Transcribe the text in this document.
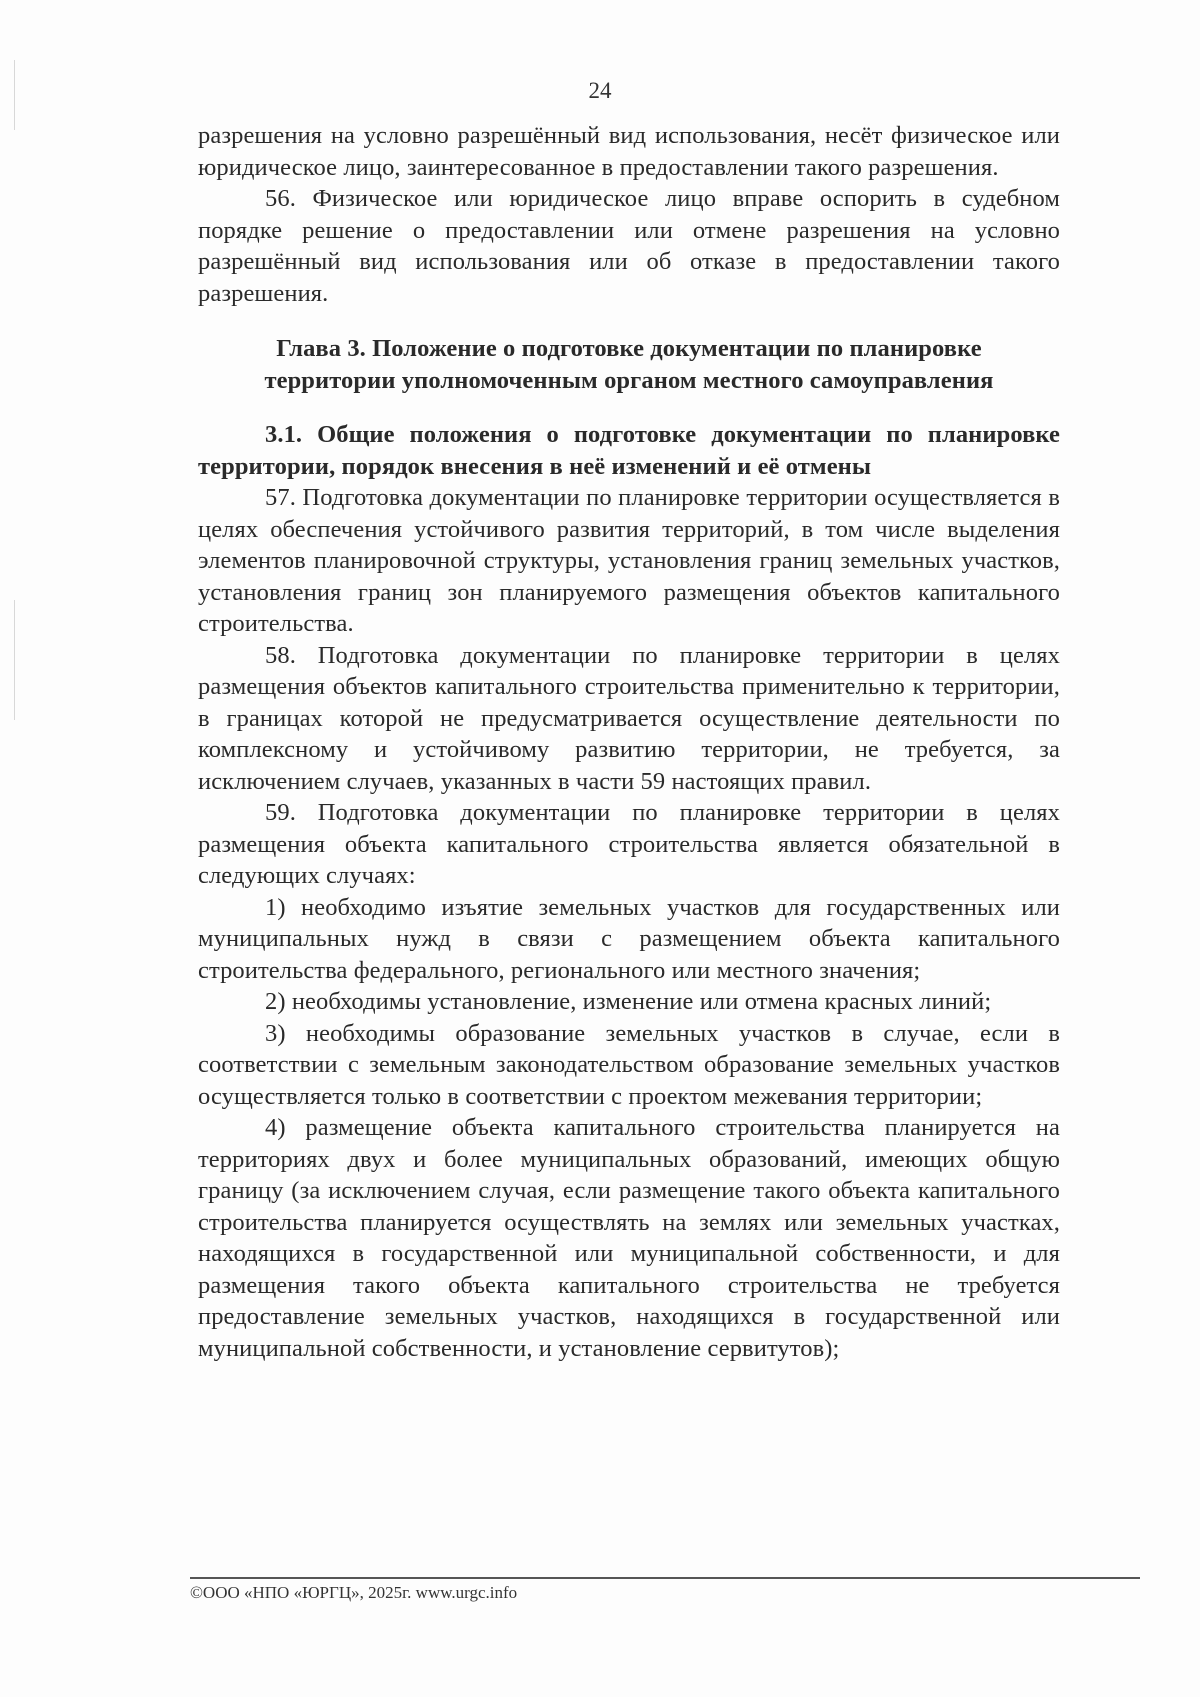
24

разрешения на условно разрешённый вид использования, несёт физическое или юридическое лицо, заинтересованное в предоставлении такого разрешения.

56. Физическое или юридическое лицо вправе оспорить в судебном порядке решение о предоставлении или отмене разрешения на условно разрешённый вид использования или об отказе в предоставлении такого разрешения.

Глава 3. Положение о подготовке документации по планировке территории уполномоченным органом местного самоуправления

3.1. Общие положения о подготовке документации по планировке территории, порядок внесения в неё изменений и её отмены

57. Подготовка документации по планировке территории осуществляется в целях обеспечения устойчивого развития территорий, в том числе выделения элементов планировочной структуры, установления границ земельных участков, установления границ зон планируемого размещения объектов капитального строительства.

58. Подготовка документации по планировке территории в целях размещения объектов капитального строительства применительно к территории, в границах которой не предусматривается осуществление деятельности по комплексному и устойчивому развитию территории, не требуется, за исключением случаев, указанных в части 59 настоящих правил.

59. Подготовка документации по планировке территории в целях размещения объекта капитального строительства является обязательной в следующих случаях:

1) необходимо изъятие земельных участков для государственных или муниципальных нужд в связи с размещением объекта капитального строительства федерального, регионального или местного значения;

2) необходимы установление, изменение или отмена красных линий;

3) необходимы образование земельных участков в случае, если в соответствии с земельным законодательством образование земельных участков осуществляется только в соответствии с проектом межевания территории;

4) размещение объекта капитального строительства планируется на территориях двух и более муниципальных образований, имеющих общую границу (за исключением случая, если размещение такого объекта капитального строительства планируется осуществлять на землях или земельных участках, находящихся в государственной или муниципальной собственности, и для размещения такого объекта капитального строительства не требуется предоставление земельных участков, находящихся в государственной или муниципальной собственности, и установление сервитутов);

©ООО «НПО «ЮРГЦ», 2025г. www.urgc.info
